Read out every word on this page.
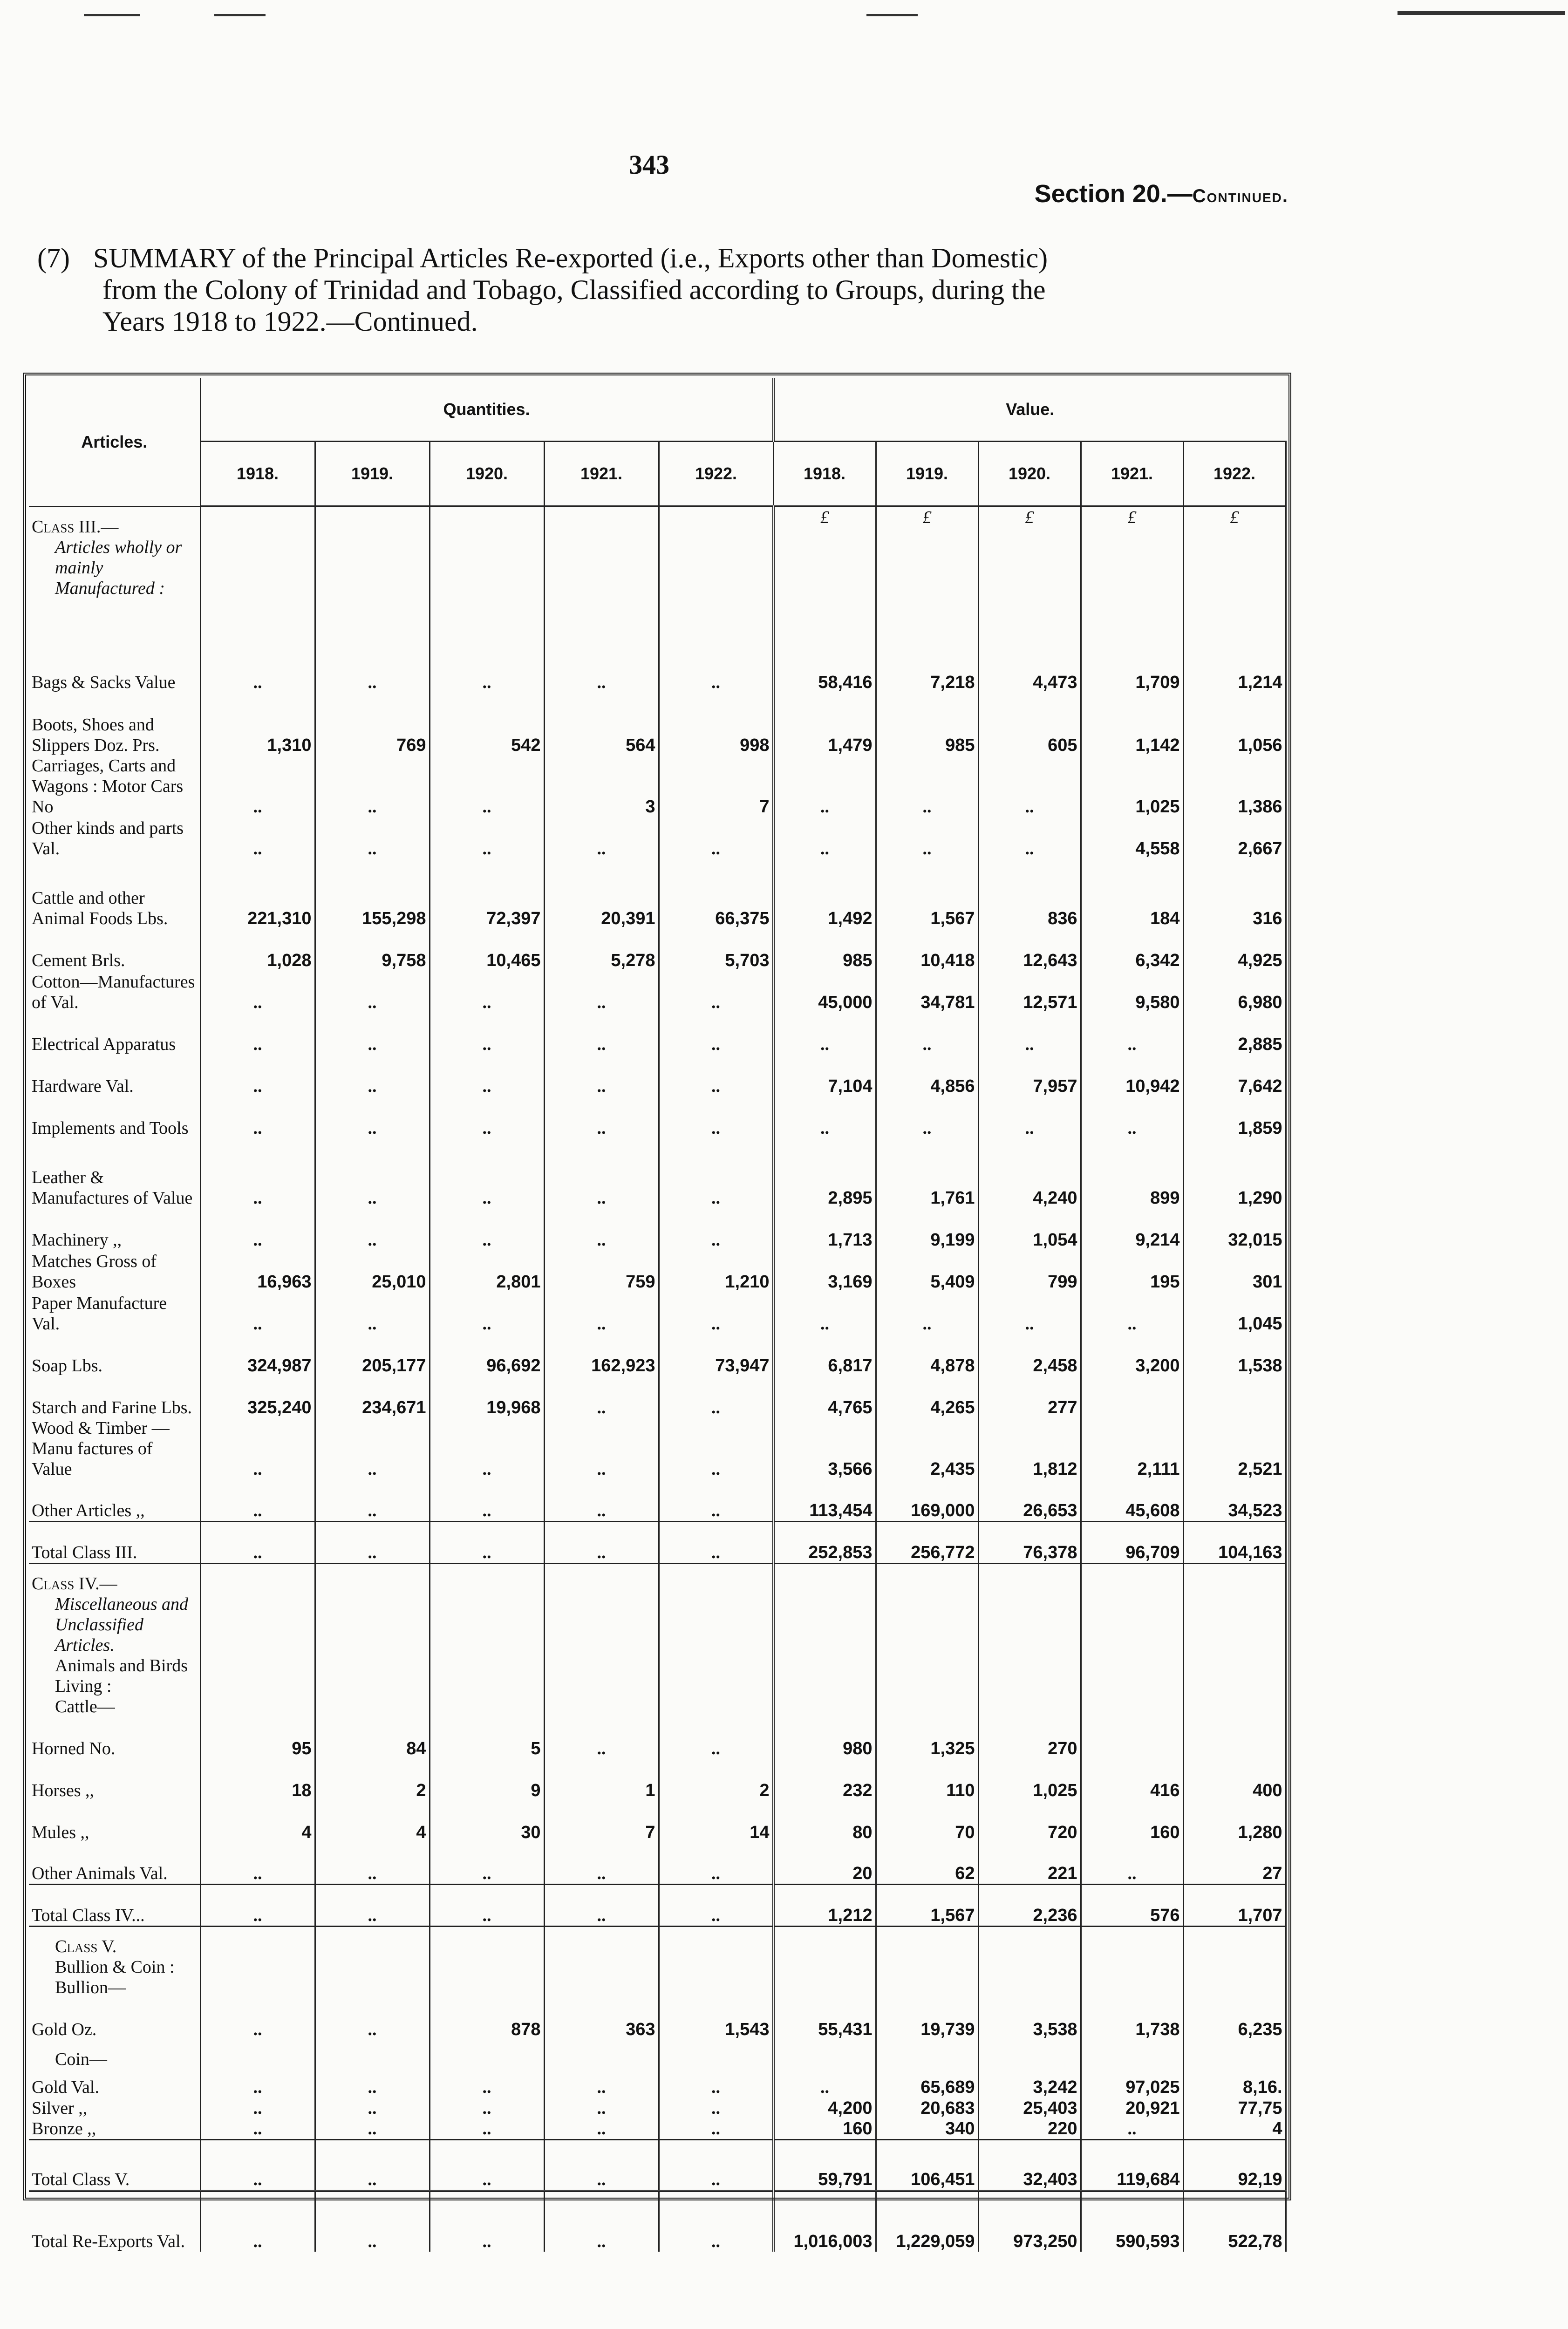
343
Section 20.—Continued.
(7) SUMMARY of the Principal Articles Re-exported (i.e., Exports other than Domestic)
from the Colony of Trinidad and Tobago, Classified according to Groups, during the
Years 1918 to 1922.—Continued.
Articles.	Quantities.					Value.				
	1918.	1919.	1920.	1921.	1922.	1918.	1919.	1920.	1921.	1922.
Class III.—
Articles wholly or mainly Manufactured :						£	£	£	£	£
Bags & Sacks Value	..	..	..	..	..	58,416	7,218	4,473	1,709	1,214
Boots, Shoes and Slippers Doz. Prs.	1,310	769	542	564	998	1,479	985	605	1,142	1,056
Carriages, Carts and Wagons : Motor Cars No	..	..	..	3	7	..	..	..	1,025	1,386
Other kinds and parts Val.	..	..	..	..	..	..	..	..	4,558	2,667
Cattle and other Animal Foods Lbs.	221,310	155,298	72,397	20,391	66,375	1,492	1,567	836	184	316
Cement Brls.	1,028	9,758	10,465	5,278	5,703	985	10,418	12,643	6,342	4,925
Cotton—Manufactures of Val.	..	..	..	..	..	45,000	34,781	12,571	9,580	6,980
Electrical Apparatus	..	..	..	..	..	..	..	..	..	2,885
Hardware Val.	..	..	..	..	..	7,104	4,856	7,957	10,942	7,642
Implements and Tools	..	..	..	..	..	..	..	..	..	1,859
Leather & Manufactures of Value	..	..	..	..	..	2,895	1,761	4,240	899	1,290
Machinery ,,	..	..	..	..	..	1,713	9,199	1,054	9,214	32,015
Matches Gross of Boxes	16,963	25,010	2,801	759	1,210	3,169	5,409	799	195	301
Paper Manufacture Val.	..	..	..	..	..	..	..	..	..	1,045
Soap Lbs.	324,987	205,177	96,692	162,923	73,947	6,817	4,878	2,458	3,200	1,538
Starch and Farine Lbs.	325,240	234,671	19,968	..	..	4,765	4,265	277		
Wood & Timber —Manu factures of Value	..	..	..	..	..	3,566	2,435	1,812	2,111	2,521
Other Articles ,,	..	..	..	..	..	113,454	169,000	26,653	45,608	34,523
Total Class III.	..	..	..	..	..	252,853	256,772	76,378	96,709	104,163
Class IV.—
Miscellaneous and Unclassified Articles.
Animals and Birds Living :
Cattle—										

Horned No.	95	84	5	..	..	980	1,325	270		
Horses ,,	18	2	9	1	2	232	110	1,025	416	400
Mules ,,	4	4	30	7	14	80	70	720	160	1,280
Other Animals Val.	..	..	..	..	..	20	62	221	..	27
Total Class IV...	..	..	..	..	..	1,212	1,567	2,236	576	1,707

Class V.
Bullion & Coin :
Bullion—										

Gold Oz.	..	..	878	363	1,543	55,431	19,739	3,538	1,738	6,235

Coin—										

Gold Val.	..	..	..	..	..	..	65,689	3,242	97,025	8,16.
Silver ,,	..	..	..	..	..	4,200	20,683	25,403	20,921	77,75
Bronze ,,	..	..	..	..	..	160	340	220	..	4
Total Class V.	..	..	..	..	..	59,791	106,451	32,403	119,684	92,19
Total Re-Exports Val.	..	..	..	..	..	1,016,003	1,229,059	973,250	590,593	522,78
